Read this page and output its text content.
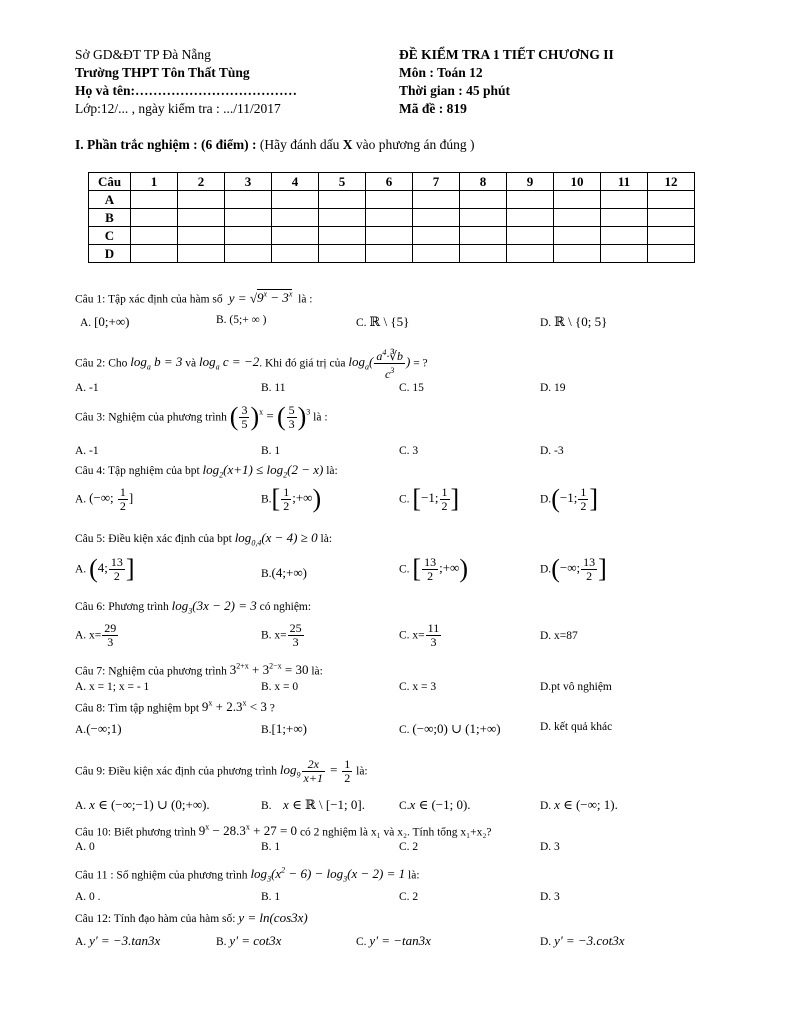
Sở GD&ĐT TP Đà Nẵng
Trường THPT Tôn Thất Tùng
Họ và tên:………………………………
Lớp:12/... , ngày kiểm tra : .../11/2017
ĐỀ KIỂM TRA 1 TIẾT CHƯƠNG II
Môn : Toán 12
Thời gian : 45 phút
Mã đề : 819
I. Phần trắc nghiệm : (6 điểm) : (Hãy đánh dấu X vào phương án đúng )
Câu	1	2	3	4	5	6	7	8	9	10	11	12
A												
B												
C												
D												
Câu 1: Tập xác định của hàm số  $y = √9^x - 3^x$ là :
A. [0;+∞)	B. (5;+ ∞ )	C. ℝ \ {5}	D. ℝ \ {0; 5}
Câu 2: Cho $\log_a b = 3$ và $\log_a c = -2$. Khi đó giá trị của $\log_a( \frac{a^4\cdot∛b}{c^3}$ ) = ?
A. -1	B. 11	C. 15	D. 19
Câu 3: Nghiệm của phương trình ( $\frac{3}{5} )^x$ = ( $\frac{5}{3} )^3$ là :
A. -1	B. 1	C. 3	D. -3
Câu 4: Tập nghiệm của bpt $\log_2(x+1) \le \log_2(2 - x)$ là:
A. (−∞; $\frac{1}{2}$ ]	$B.[ \frac{1}{2}$ ;+∞)	C. [−1; $\frac{1}{2}$ ]	D.(−1; $\frac{1}{2}$ ]
Câu 5: Điều kiện xác định của bpt $\log_{0,4}(x - 4) \ge 0$ là:
A. (4; $\frac{13}{2}$ ]	B.(4;+∞)	C. [ $\frac{13}{2}$ ;+∞)	D.(−∞; $\frac{13}{2}$ ]
Câu 6: Phương trình $\log_3(3x - 2) = 3$ có nghiệm:
A. $x= \frac{29}{3}$	B. $x= \frac{25}{3}$	C. $x= \frac{11}{3}$	D. x=87
Câu 7: Nghiệm của phương trình $3^{2+x} + 3^{2-x} = 30$ là:
A. x = 1; x = - 1	B. x = 0	C. x = 3	D.pt vô nghiệm
Câu 8: Tìm tập nghiệm bpt $9^x + 2.3^x < 3$ ?
A.(−∞;1)	B.[1;+∞)	C. (−∞;0) ∪ (1;+∞)	D. kết quả khác
Câu 9: Điều kiện xác định của phương trình $\log_9 \frac{2x}{x+1} = \frac{1}{2}$ là:
A. x ∈ (−∞;−1) ∪ (0;+∞).	B. x ∈ ℝ \ [−1; 0].	C.x ∈ (−1; 0).	D. x ∈ (−∞; 1).
Câu 10: Biết phương trình $9^x - 28.3^x + 27 = 0$ có 2 nghiệm là x₁ và x₂. Tính tổng x₁+x₂?
A. 0	B. 1	C. 2	D. 3
Câu 11 : Số nghiệm của phương trình $\log_3(x^2 - 6) - \log_3(x - 2) = 1$ là:
A. 0 .	B. 1	C. 2	D. 3
Câu 12: Tính đạo hàm của hàm số: y = ln(cos3x)
A. y' = −3.tan3x	B. y' = cot3x	C. y' = −tan3x	D. y' = −3.cot3x
